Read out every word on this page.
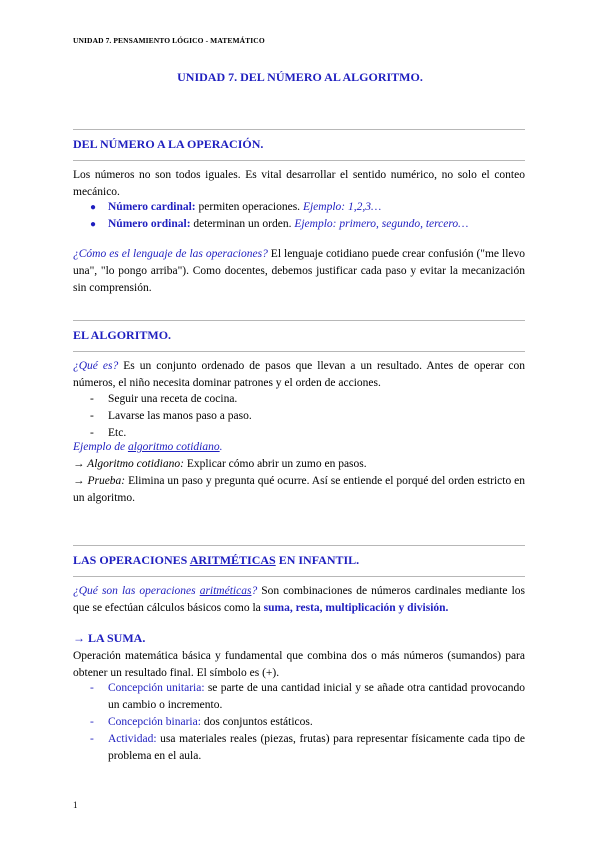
UNIDAD 7. PENSAMIENTO LÓGICO - MATEMÁTICO
UNIDAD 7. DEL NÚMERO AL ALGORITMO.
DEL NÚMERO A LA OPERACIÓN.
Los números no son todos iguales. Es vital desarrollar el sentido numérico, no solo el conteo mecánico.
● Número cardinal: permiten operaciones. Ejemplo: 1,2,3…
● Número ordinal: determinan un orden. Ejemplo: primero, segundo, tercero…
¿Cómo es el lenguaje de las operaciones? El lenguaje cotidiano puede crear confusión ("me llevo una", "lo pongo arriba"). Como docentes, debemos justificar cada paso y evitar la mecanización sin comprensión.
EL ALGORITMO.
¿Qué es? Es un conjunto ordenado de pasos que llevan a un resultado. Antes de operar con números, el niño necesita dominar patrones y el orden de acciones.
- Seguir una receta de cocina.
- Lavarse las manos paso a paso.
- Etc.
Ejemplo de algoritmo cotidiano.
→ Algoritmo cotidiano: Explicar cómo abrir un zumo en pasos.
→ Prueba: Elimina un paso y pregunta qué ocurre. Así se entiende el porqué del orden estricto en un algoritmo.
LAS OPERACIONES ARITMÉTICAS EN INFANTIL.
¿Qué son las operaciones aritméticas? Son combinaciones de números cardinales mediante los que se efectúan cálculos básicos como la suma, resta, multiplicación y división.
→ LA SUMA.
Operación matemática básica y fundamental que combina dos o más números (sumandos) para obtener un resultado final. El símbolo es (+).
- Concepción unitaria: se parte de una cantidad inicial y se añade otra cantidad provocando un cambio o incremento.
- Concepción binaria: dos conjuntos estáticos.
- Actividad: usa materiales reales (piezas, frutas) para representar físicamente cada tipo de problema en el aula.
1
